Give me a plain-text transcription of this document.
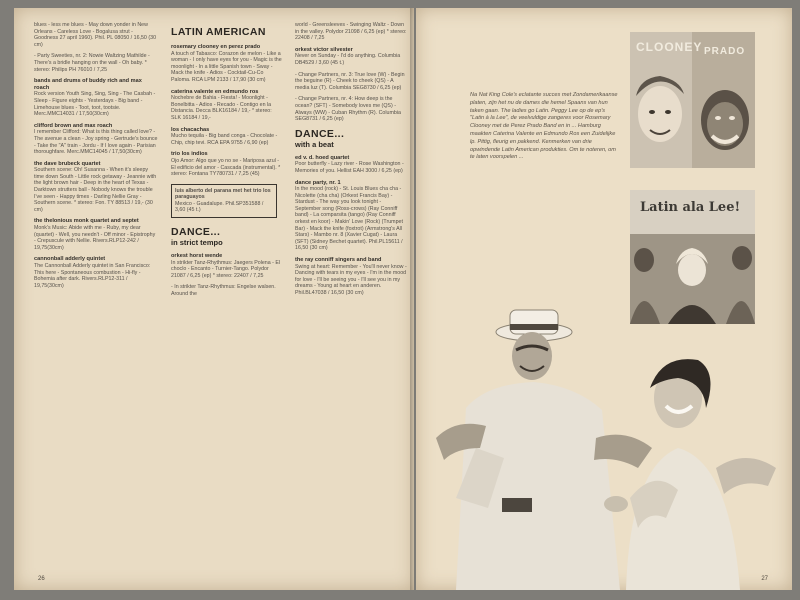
blues - less me blues - May down yonder in New Orleans - Careless Love - Bogalusa strut - Goodness 27 april 1960). Phil. PL 08050 / 16,50 (30 cm)
- Party Sweeties, nr. 2: Nowie Waltzing Mathilde - There's a bridle hanging on the wall - Oh baby. * stereo: Philips PH 76010 / 7,25
bands and drums of buddy rich and max roach
Rock version Youth Sing, Sing, Sing - The Casbah - Sleep - Figure eights - Yesterdays - Big band - Limehouse blues - Toot, toot, tootsie. Merc.MMC14031 / 17,50(30cm)
clifford brown and max roach
I remember Clifford: What is this thing called love? - The avenue a clean - Joy spring - Gertrude's bounce - Take the "A" train - Jordu - If I love again - Parisian thoroughfare. Merc.MMC14045 / 17,50(30cm)
the dave brubeck quartet
Southern scene: Oh! Susanna - When it's sleepy time down South - Little rock getaway - Jeannie with the light brown hair - Deep in the heart of Texas - Darktown strutters ball - Nobody knows the trouble I've seen - Happy times - Darling Nellie Gray - Southern scene. * stereo: Fon. TY 88513 / 19,- (30 cm)
the thelonious monk quartet and septet
Monk's Music: Abide with me - Ruby, my dear (quartet) - Well, you needn't - Off minor - Epistrophy - Crepuscule with Nellie. Rivers.RLP12-242 / 19,75(30cm)
cannonball adderly quintet
The Cannonball Adderly quintet in San Francisco: This here - Spontaneous combustion - Hi-fly - Bohemia after dark. Rivers.RLP12-311 / 19,75(30cm)
LATIN AMERICAN
rosemary clooney en perez prado
A touch of Tabasco: Corazon de melon - Like a woman - I only have eyes for you - Magic is the moonlight - In a little Spanish town - Sway - Mack the knife - Adios - Cocktail-Cu-Co Paloma. RCA LPM 2133 / 17,90 (30 cm)
caterina valente en edmundo ros
Nochebre de Bahia - Fiesta! - Moonlight - Bonelbitta - Adios - Recado - Contigo en la Distancia. Decca BLK16184 / 19,- * stereo: SLK 16184 / 19,-
los chacachas
Mucho tequila - Big band conga - Chocolate - Chip, chip tevi. RCA EPA 9755 / 6,90 (ep)
trio los indios
Ojo Amor: Algo que yo no se - Mariposa azul - El edificio del amor - Cascada (instrumental). * stereo: Fontana TY780731 / 7,25 (45)
luis alberto del parana met het trio los paraguayos
Mexico - Guadalupe. Phil.SP351588 / 3,60 (45 t.)
DANCE...
in strict tempo
orkest horst wende
In strikter Tanz-Rhythmus: Jaegers Polena - El choclo - Encanto - Turnier-Tango. Polydor 21087 / 6,25 (ep) * stereo: 22407 / 7,25
- In strikter Tanz-Rhythmus: Engelse walsen. Around the
world - Greensleeves - Swinging Waltz - Down in the valley. Polydor 21098 / 6,25 (ep) * stereo: 22408 / 7,25
orkest victor silvester
Never on Sunday - I'd do anything. Columbia DB4529 / 3,60 (45 t.)
- Change Partners, nr. 3: True love (W) - Begin the beguine (R) - Cheek to cheek (QS) - A media luz (T). Columbia SEG8730 / 6,25 (ep)
- Change Partners, nr. 4: How deep is the ocean? (SFT) - Somebody loves me (QS) - Always (WW) - Cuban Rhythm (R). Columbia SEG8731 / 6,25 (ep)
DANCE...
with a beat
ed v. d. hoed quartet
Poor butterfly - Lazy river - Rose Washington - Memories of you. Hellist EAH 3000 / 6,25 (ep)
dance party, nr. 1
In the mood (rock) - St. Louis Blues cha cha - Nicolette (cha cha) (Orkest Francis Bay) - Stardust - The way you look tonight - September song (Ross-crows) (Ray Conniff band) - La comparsita (tango) (Ray Conniff orkest en koor) - Makin' Love (Rock) (Trumpet Bar) - Mack the knife (foxtrot) (Armstrong's All Stars) - Mambo nr. 8 (Xavier Cugat) - Laura (SFT) (Sidney Bechet quartet). Phil.PL15611 / 16,50 (30 cm)
the ray conniff singers and band
Swing at heart: Remember - You'll never know - Dancing with tears in my eyes - I'm in the mood for love - I'll be seeing you - I'll see you in my dreams - Young at heart en anderen. Phil.BL47038 / 16,50 (30 cm)
26
Na Nat King Cole's eclatante succes met Zondamerikaanse platen, zijn het nu de dames die hemel Spaans van hun taken gaan. The ladies go Latin. Peggy Lee op de ep's "Latin à la Lee", de veelvuldige zangeres voor Rosemary Clooney met de Perez Prado Band en in ... Hamburg maakten Caterina Valente en Edmundo Ros een Zuidelijke lp. Pittig, fleurig en pakkend. Kenmerken van drie opwindende Latin American produkties. Om te noteren, om te laten voorspelen ...
CLOONEY PRADO
Latin ala Lee!
27
